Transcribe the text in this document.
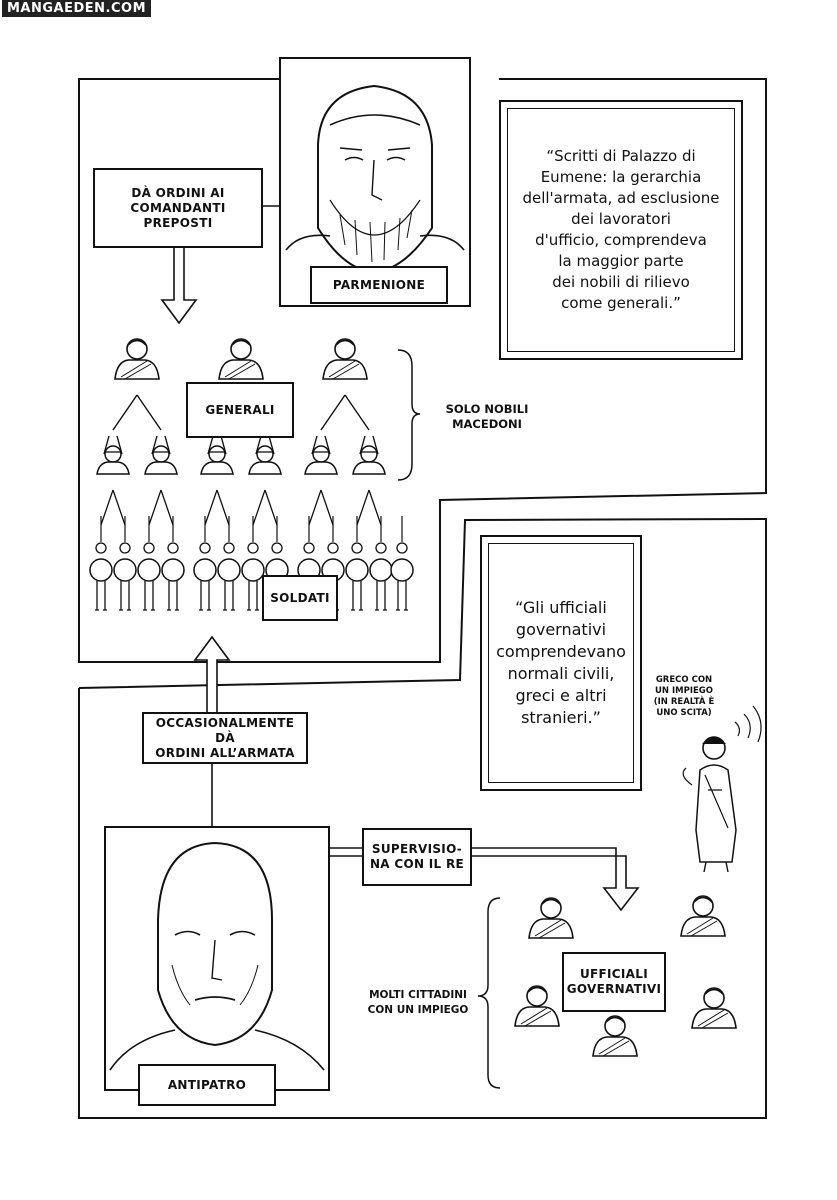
MANGAEDEN.COM
DÀ ORDINI AI
COMANDANTI
PREPOSTI
PARMENIONE
GENERALI	SOLO NOBILI
MACEDONI
SOLDATI
“Scritti di Palazzo di
Eumene: la gerarchia
dell'armata, ad esclusione
dei lavoratori
d'ufficio, comprendeva
la maggior parte
dei nobili di rilievo
come generali.”
“Gli ufficiali
governativi
comprendevano
normali civili,
greci e altri
stranieri.”
OCCASIONALMENTE DÀ
ORDINI ALL’ARMATA
GRECO CON
UN IMPIEGO
(IN REALTÀ È
UNO SCITA)
SUPERVISIO-
NA CON IL RE
UFFICIALI
GOVERNATIVI
MOLTI CITTADINI
CON UN IMPIEGO
ANTIPATRO
